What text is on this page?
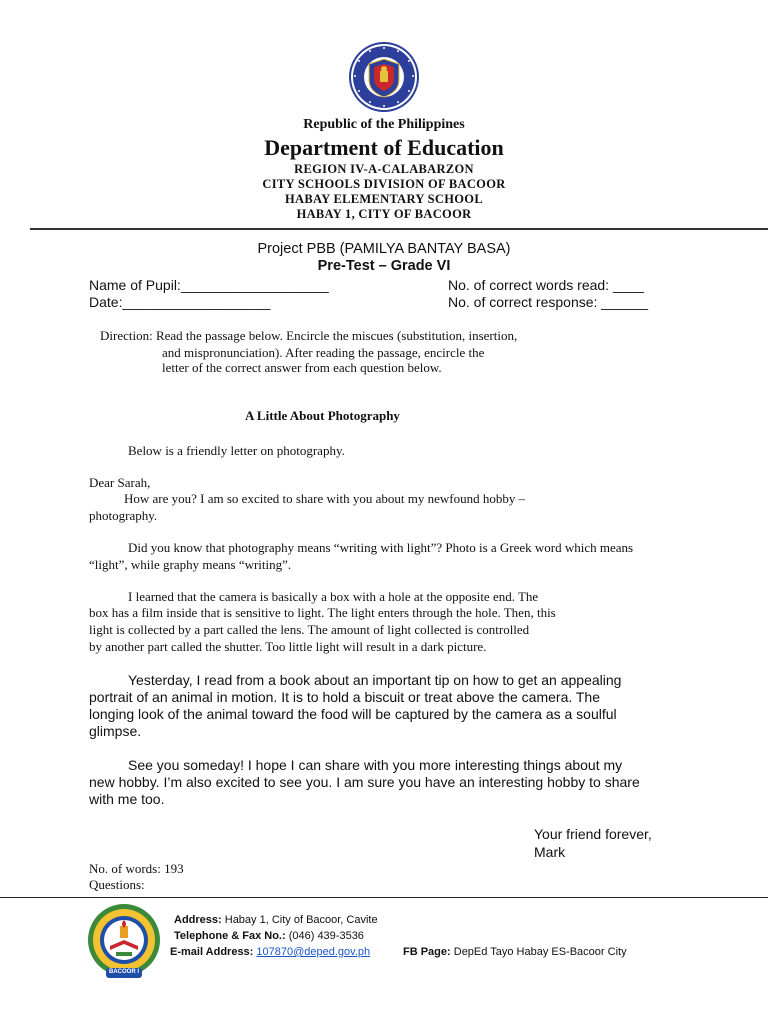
Republic of the Philippines
Department of Education
REGION IV-A-CALABARZON
CITY SCHOOLS DIVISION OF BACOOR
HABAY ELEMENTARY SCHOOL
HABAY 1, CITY OF BACOOR
Project PBB (PAMILYA BANTAY BASA)
Pre-Test – Grade VI
Name of Pupil:___________________
Date:___________________
No. of correct words read: ____
No. of correct response: ______
Direction: Read the passage below. Encircle the miscues (substitution, insertion,
and mispronunciation). After reading the passage, encircle the
letter of the correct answer from each question below.
A Little About Photography
Below is a friendly letter on photography.
Dear Sarah,
How are you? I am so excited to share with you about my newfound hobby –
photography.
Did you know that photography means “writing with light”? Photo is a Greek word which means
“light”, while graphy means “writing”.
I learned that the camera is basically a box with a hole at the opposite end. The
box has a film inside that is sensitive to light. The light enters through the hole. Then, this
light is collected by a part called the lens. The amount of light collected is controlled
by another part called the shutter. Too little light will result in a dark picture.
Yesterday, I read from a book about an important tip on how to get an appealing
portrait of an animal in motion. It is to hold a biscuit or treat above the camera. The
longing look of the animal toward the food will be captured by the camera as a soulful
glimpse.
See you someday! I hope I can share with you more interesting things about my
new hobby. I’m also excited to see you. I am sure you have an interesting hobby to share
with me too.
Your friend forever,
Mark
No. of words: 193
Questions:
BACOOR I
Address: Habay 1, City of Bacoor, Cavite
Telephone & Fax No.: (046) 439-3536
E-mail Address: 107870@deped.gov.ph	FB Page: DepEd Tayo Habay ES-Bacoor City
